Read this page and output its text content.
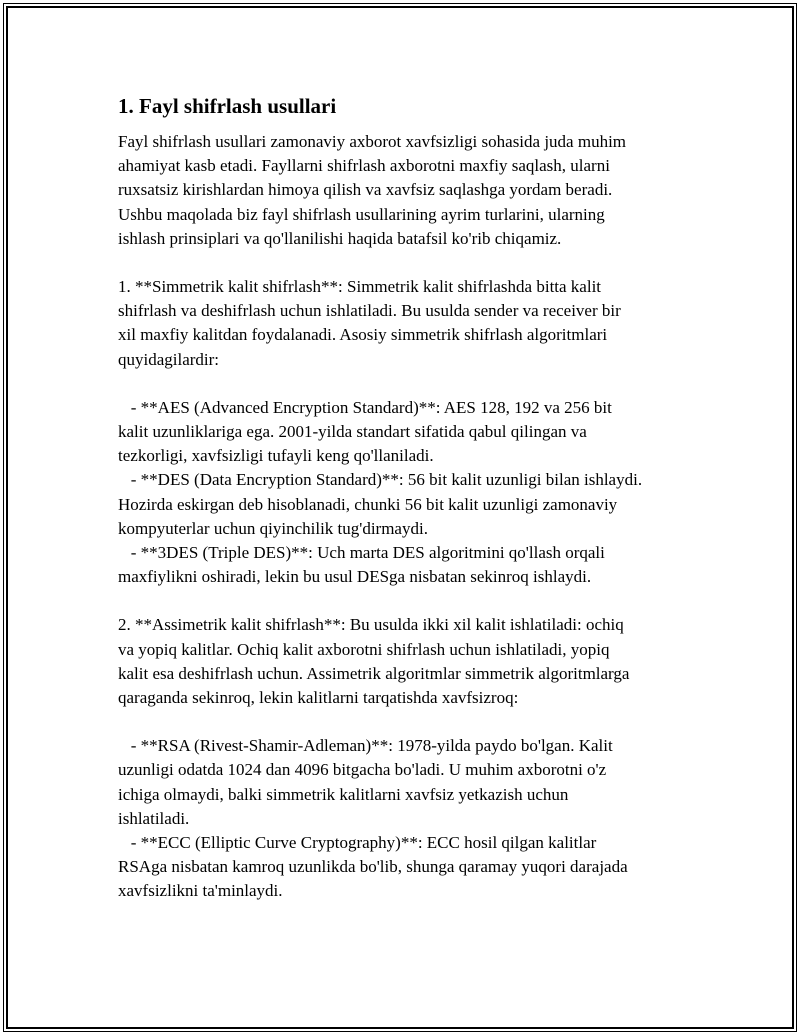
1. Fayl shifrlash usullari
Fayl shifrlash usullari zamonaviy axborot xavfsizligi sohasida juda muhim
ahamiyat kasb etadi. Fayllarni shifrlash axborotni maxfiy saqlash, ularni
ruxsatsiz kirishlardan himoya qilish va xavfsiz saqlashga yordam beradi.
Ushbu maqolada biz fayl shifrlash usullarining ayrim turlarini, ularning
ishlash prinsiplari va qo'llanilishi haqida batafsil ko'rib chiqamiz.
1. **Simmetrik kalit shifrlash**: Simmetrik kalit shifrlashda bitta kalit
shifrlash va deshifrlash uchun ishlatiladi. Bu usulda sender va receiver bir
xil maxfiy kalitdan foydalanadi. Asosiy simmetrik shifrlash algoritmlari
quyidagilardir:
- **AES (Advanced Encryption Standard)**: AES 128, 192 va 256 bit
kalit uzunliklariga ega. 2001-yilda standart sifatida qabul qilingan va
tezkorligi, xavfsizligi tufayli keng qo'llaniladi.
- **DES (Data Encryption Standard)**: 56 bit kalit uzunligi bilan ishlaydi.
Hozirda eskirgan deb hisoblanadi, chunki 56 bit kalit uzunligi zamonaviy
kompyuterlar uchun qiyinchilik tug'dirmaydi.
- **3DES (Triple DES)**: Uch marta DES algoritmini qo'llash orqali
maxfiylikni oshiradi, lekin bu usul DESga nisbatan sekinroq ishlaydi.
2. **Assimetrik kalit shifrlash**: Bu usulda ikki xil kalit ishlatiladi: ochiq
va yopiq kalitlar. Ochiq kalit axborotni shifrlash uchun ishlatiladi, yopiq
kalit esa deshifrlash uchun. Assimetrik algoritmlar simmetrik algoritmlarga
qaraganda sekinroq, lekin kalitlarni tarqatishda xavfsizroq:
- **RSA (Rivest-Shamir-Adleman)**: 1978-yilda paydo bo'lgan. Kalit
uzunligi odatda 1024 dan 4096 bitgacha bo'ladi. U muhim axborotni o'z
ichiga olmaydi, balki simmetrik kalitlarni xavfsiz yetkazish uchun
ishlatiladi.
- **ECC (Elliptic Curve Cryptography)**: ECC hosil qilgan kalitlar
RSAga nisbatan kamroq uzunlikda bo'lib, shunga qaramay yuqori darajada
xavfsizlikni ta'minlaydi.
